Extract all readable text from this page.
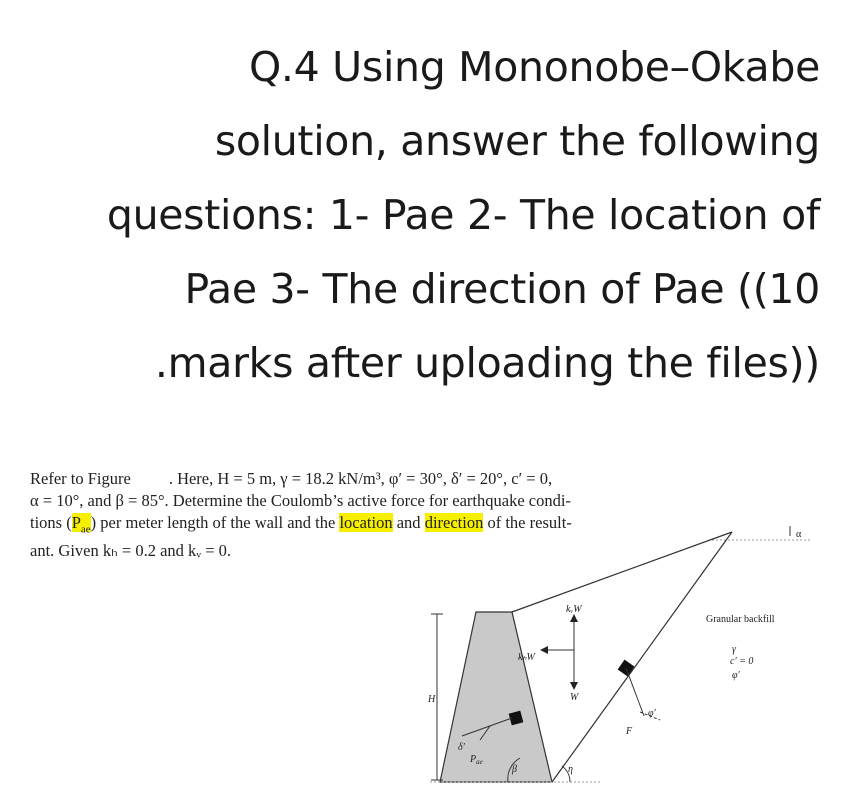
Q.4 Using Mononobe–Okabe
solution, answer the following
questions: 1- Pae 2- The location of
Pae 3- The direction of Pae ((10
.marks after uploading the files))
Refer to Figure . Here, H = 5 m, γ = 18.2 kN/m³, φ′ = 30°, δ′ = 20°, c′ = 0,
α = 10°, and β = 85°. Determine the Coulomb’s active force for earthquake condi-
tions $(P_{ae})$ per meter length of the wall and the location and direction of the result-
ant. Given kₕ = 0.2 and kᵥ = 0.
α
H
δ′
$P_{ae}$
β	η
kᵥW
kₕW
W
F
φ′
Granular backfill
γ
c′ = 0
φ′
